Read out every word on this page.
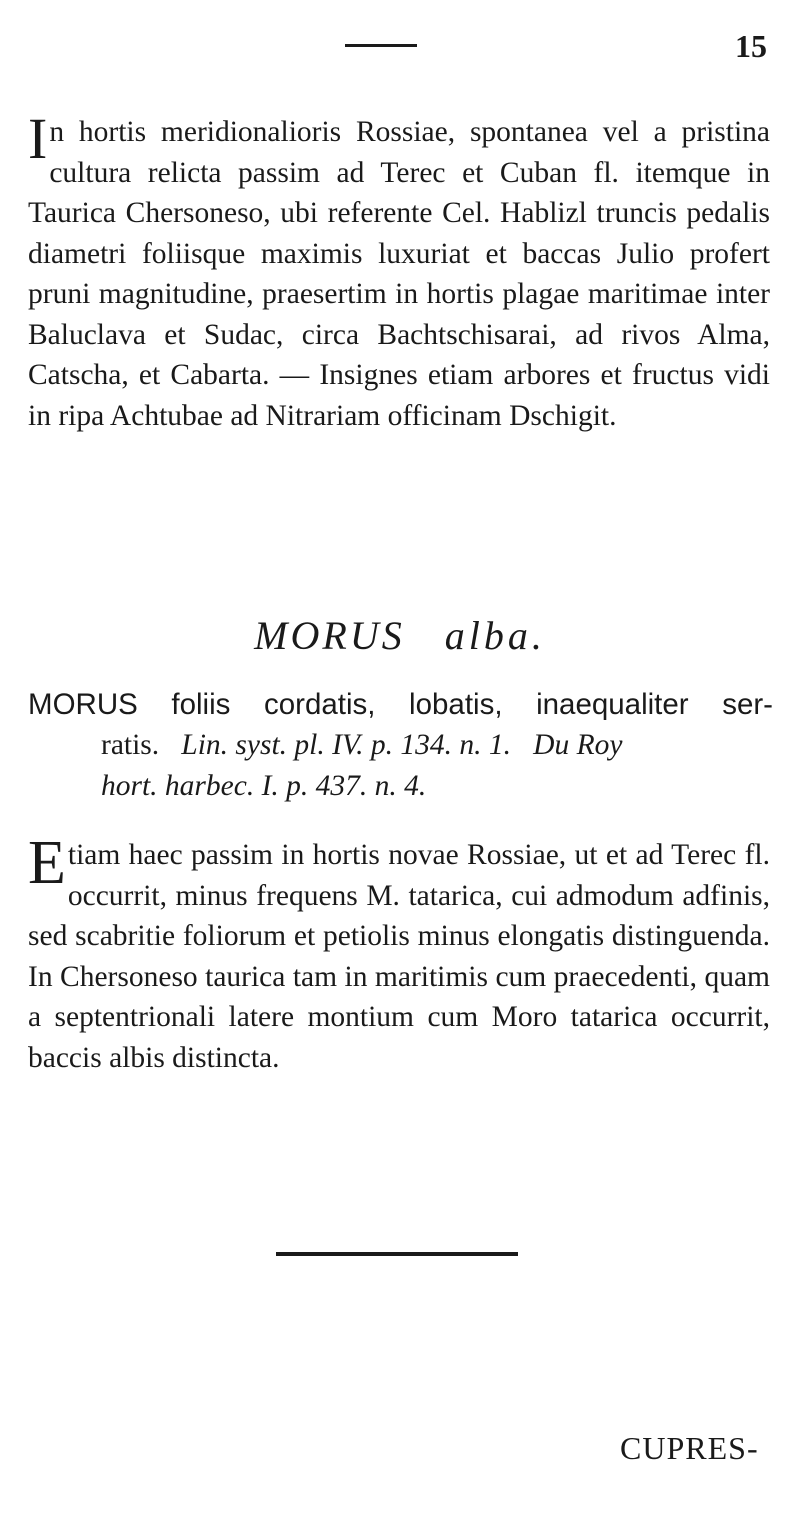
15
In hortis meridionalioris Rossiae, spontanea vel a pristina cultura relicta passim ad Terec et Cuban fl. itemque in Taurica Chersoneso, ubi referente Cel. Hablizl truncis pedalis diametri foliisque maximis luxuriat et baccas Julio profert pruni magnitudine, praesertim in hortis plagae maritimae inter Baluclava et Sudac, circa Bachtschisarai, ad rivos Alma, Catscha, et Cabarta. — Insignes etiam arbores et fructus vidi in ripa Achtubae ad Nitrariam officinam Dschigit.
MORUS alba.
MORUS foliis cordatis, lobatis, inaequaliter ser-
ratis. Lin. syst. pl. IV. p. 134. n. 1. Du Roy
hort. harbec. I. p. 437. n. 4.
Etiam haec passim in hortis novae Rossiae, ut et ad Terec fl. occurrit, minus frequens M. tatarica, cui admodum adfinis, sed scabritie foliorum et petiolis minus elongatis distinguenda. In Chersoneso taurica tam in maritimis cum praecedenti, quam a septentrionali latere montium cum Moro tatarica occurrit, baccis albis distincta.
CUPRES-
